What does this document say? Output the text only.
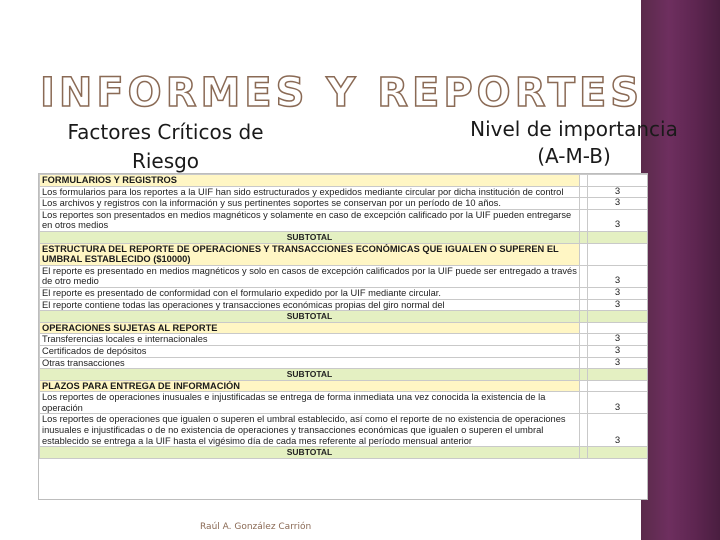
INFORMES Y REPORTES
Factores Críticos de Riesgo
Nivel de importancia (A-M-B)
FORMULARIOS Y REGISTROS		
Los formularios para los reportes a la UIF han sido estructurados y expedidos mediante circular por dicha institución de control		3
Los archivos y registros con la información y sus pertinentes soportes se conservan por un período de 10 años.		3
Los reportes son presentados en medios magnéticos y solamente en caso de excepción calificado por la UIF pueden entregarse en otros medios		3
SUBTOTAL		
ESTRUCTURA DEL REPORTE DE OPERACIONES Y TRANSACCIONES ECONÓMICAS QUE IGUALEN O SUPEREN EL UMBRAL ESTABLECIDO ($10000)		
El reporte es presentado en medios magnéticos y solo en casos de excepción calificados por la UIF puede ser entregado a través de otro medio		3
El reporte es presentado de conformidad con el formulario expedido por la UIF mediante circular.		3
El reporte contiene todas las operaciones y transacciones económicas propias del giro normal del		3
SUBTOTAL		
OPERACIONES SUJETAS AL REPORTE		
Transferencias locales e internacionales		3
Certificados de depósitos		3
Otras transacciones		3
SUBTOTAL		
PLAZOS PARA ENTREGA DE INFORMACIÓN		
Los reportes de operaciones inusuales e injustificadas se entrega de forma inmediata una vez conocida la existencia de la operación		3
Los reportes de operaciones que igualen o superen el umbral establecido, así como el reporte de no existencia de operaciones inusuales e injustificadas o de no existencia de operaciones y transacciones económicas que igualen o superen el umbral establecido se entrega a la UIF hasta el vigésimo día de cada mes referente al período mensual anterior		3
SUBTOTAL		
Raúl A. González Carrión
